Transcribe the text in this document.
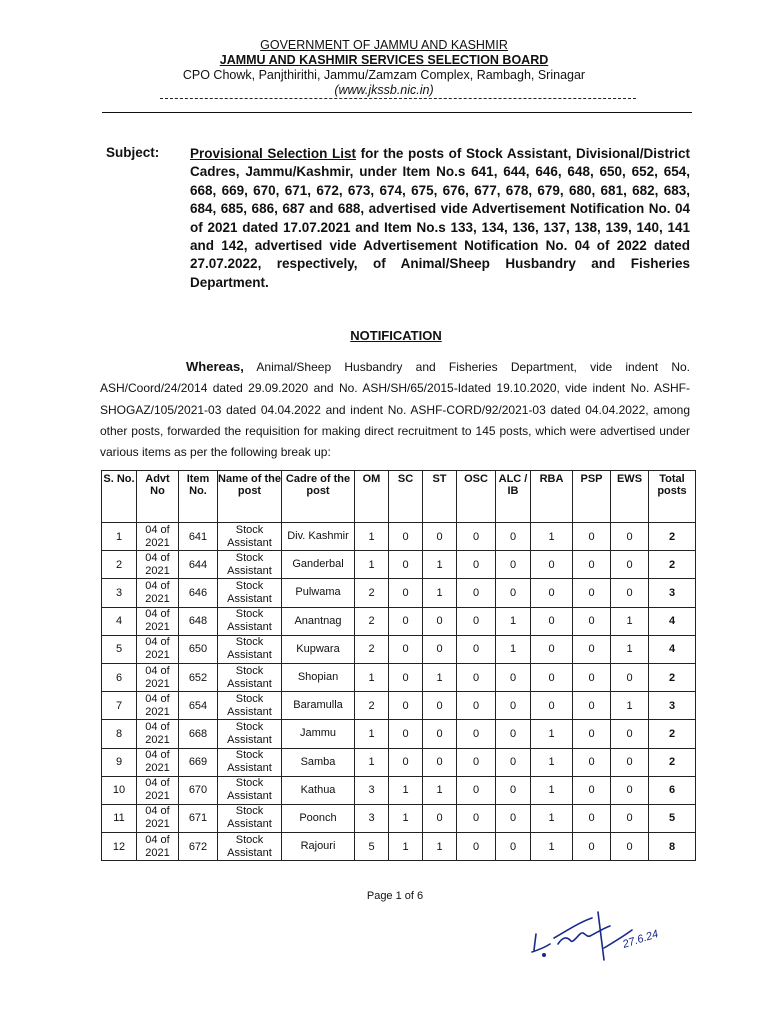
GOVERNMENT OF JAMMU AND KASHMIR
JAMMU AND KASHMIR SERVICES SELECTION BOARD
CPO Chowk, Panjthirithi, Jammu/Zamzam Complex, Rambagh, Srinagar
(www.jkssb.nic.in)
Subject: Provisional Selection List for the posts of Stock Assistant, Divisional/District Cadres, Jammu/Kashmir, under Item No.s 641, 644, 646, 648, 650, 652, 654, 668, 669, 670, 671, 672, 673, 674, 675, 676, 677, 678, 679, 680, 681, 682, 683, 684, 685, 686, 687 and 688, advertised vide Advertisement Notification No. 04 of 2021 dated 17.07.2021 and Item No.s 133, 134, 136, 137, 138, 139, 140, 141 and 142, advertised vide Advertisement Notification No. 04 of 2022 dated 27.07.2022, respectively, of Animal/Sheep Husbandry and Fisheries Department.
NOTIFICATION
Whereas, Animal/Sheep Husbandry and Fisheries Department, vide indent No. ASH/Coord/24/2014 dated 29.09.2020 and No. ASH/SH/65/2015-Idated 19.10.2020, vide indent No. ASHF-SHOGAZ/105/2021-03 dated 04.04.2022 and indent No. ASHF-CORD/92/2021-03 dated 04.04.2022, among other posts, forwarded the requisition for making direct recruitment to 145 posts, which were advertised under various items as per the following break up:
S. No.	Advt No	Item No.	Name of the post	Cadre of the post	OM	SC	ST	OSC	ALC / IB	RBA	PSP	EWS	Total posts
1	04 of 2021	641	Stock Assistant	Div. Kashmir	1	0	0	0	0	1	0	0	2
2	04 of 2021	644	Stock Assistant	Ganderbal	1	0	1	0	0	0	0	0	2
3	04 of 2021	646	Stock Assistant	Pulwama	2	0	1	0	0	0	0	0	3
4	04 of 2021	648	Stock Assistant	Anantnag	2	0	0	0	1	0	0	1	4
5	04 of 2021	650	Stock Assistant	Kupwara	2	0	0	0	1	0	0	1	4
6	04 of 2021	652	Stock Assistant	Shopian	1	0	1	0	0	0	0	0	2
7	04 of 2021	654	Stock Assistant	Baramulla	2	0	0	0	0	0	0	1	3
8	04 of 2021	668	Stock Assistant	Jammu	1	0	0	0	0	1	0	0	2
9	04 of 2021	669	Stock Assistant	Samba	1	0	0	0	0	1	0	0	2
10	04 of 2021	670	Stock Assistant	Kathua	3	1	1	0	0	1	0	0	6
11	04 of 2021	671	Stock Assistant	Poonch	3	1	0	0	0	1	0	0	5
12	04 of 2021	672	Stock Assistant	Rajouri	5	1	1	0	0	1	0	0	8
Page 1 of 6
27.6.24
